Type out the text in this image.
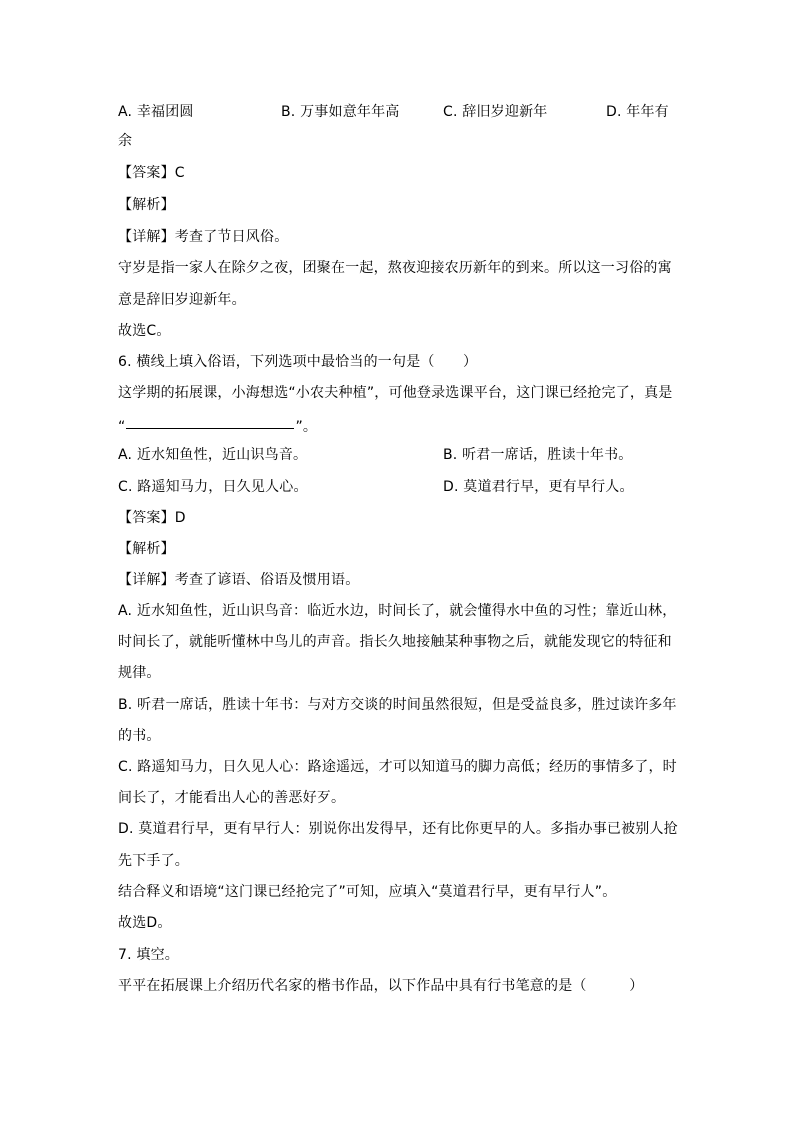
A. 幸福团圆	B. 万事如意年年高	C. 辞旧岁迎新年	D. 年年有
余
【答案】C
【解析】
【详解】考查了节日风俗。
守岁是指一家人在除夕之夜，团聚在一起，熬夜迎接农历新年的到来。所以这一习俗的寓
意是辞旧岁迎新年。
故选C。
6. 横线上填入俗语，下列选项中最恰当的一句是（　　）
这学期的拓展课，小海想选“小农夫种植”，可他登录选课平台，这门课已经抢完了，真是
“	”。
A. 近水知鱼性，近山识鸟音。	B. 听君一席话，胜读十年书。
C. 路遥知马力，日久见人心。	D. 莫道君行早，更有早行人。
【答案】D
【解析】
【详解】考查了谚语、俗语及惯用语。
A. 近水知鱼性，近山识鸟音：临近水边，时间长了，就会懂得水中鱼的习性；靠近山林，
时间长了，就能听懂林中鸟儿的声音。指长久地接触某种事物之后，就能发现它的特征和
规律。
B. 听君一席话，胜读十年书：与对方交谈的时间虽然很短，但是受益良多，胜过读许多年
的书。
C. 路遥知马力，日久见人心：路途遥远，才可以知道马的脚力高低；经历的事情多了，时
间长了，才能看出人心的善恶好歹。
D. 莫道君行早，更有早行人：别说你出发得早，还有比你更早的人。多指办事已被别人抢
先下手了。
结合释义和语境“这门课已经抢完了”可知，应填入“莫道君行早，更有早行人”。
故选D。
7. 填空。
平平在拓展课上介绍历代名家的楷书作品，以下作品中具有行书笔意的是（　　　）
